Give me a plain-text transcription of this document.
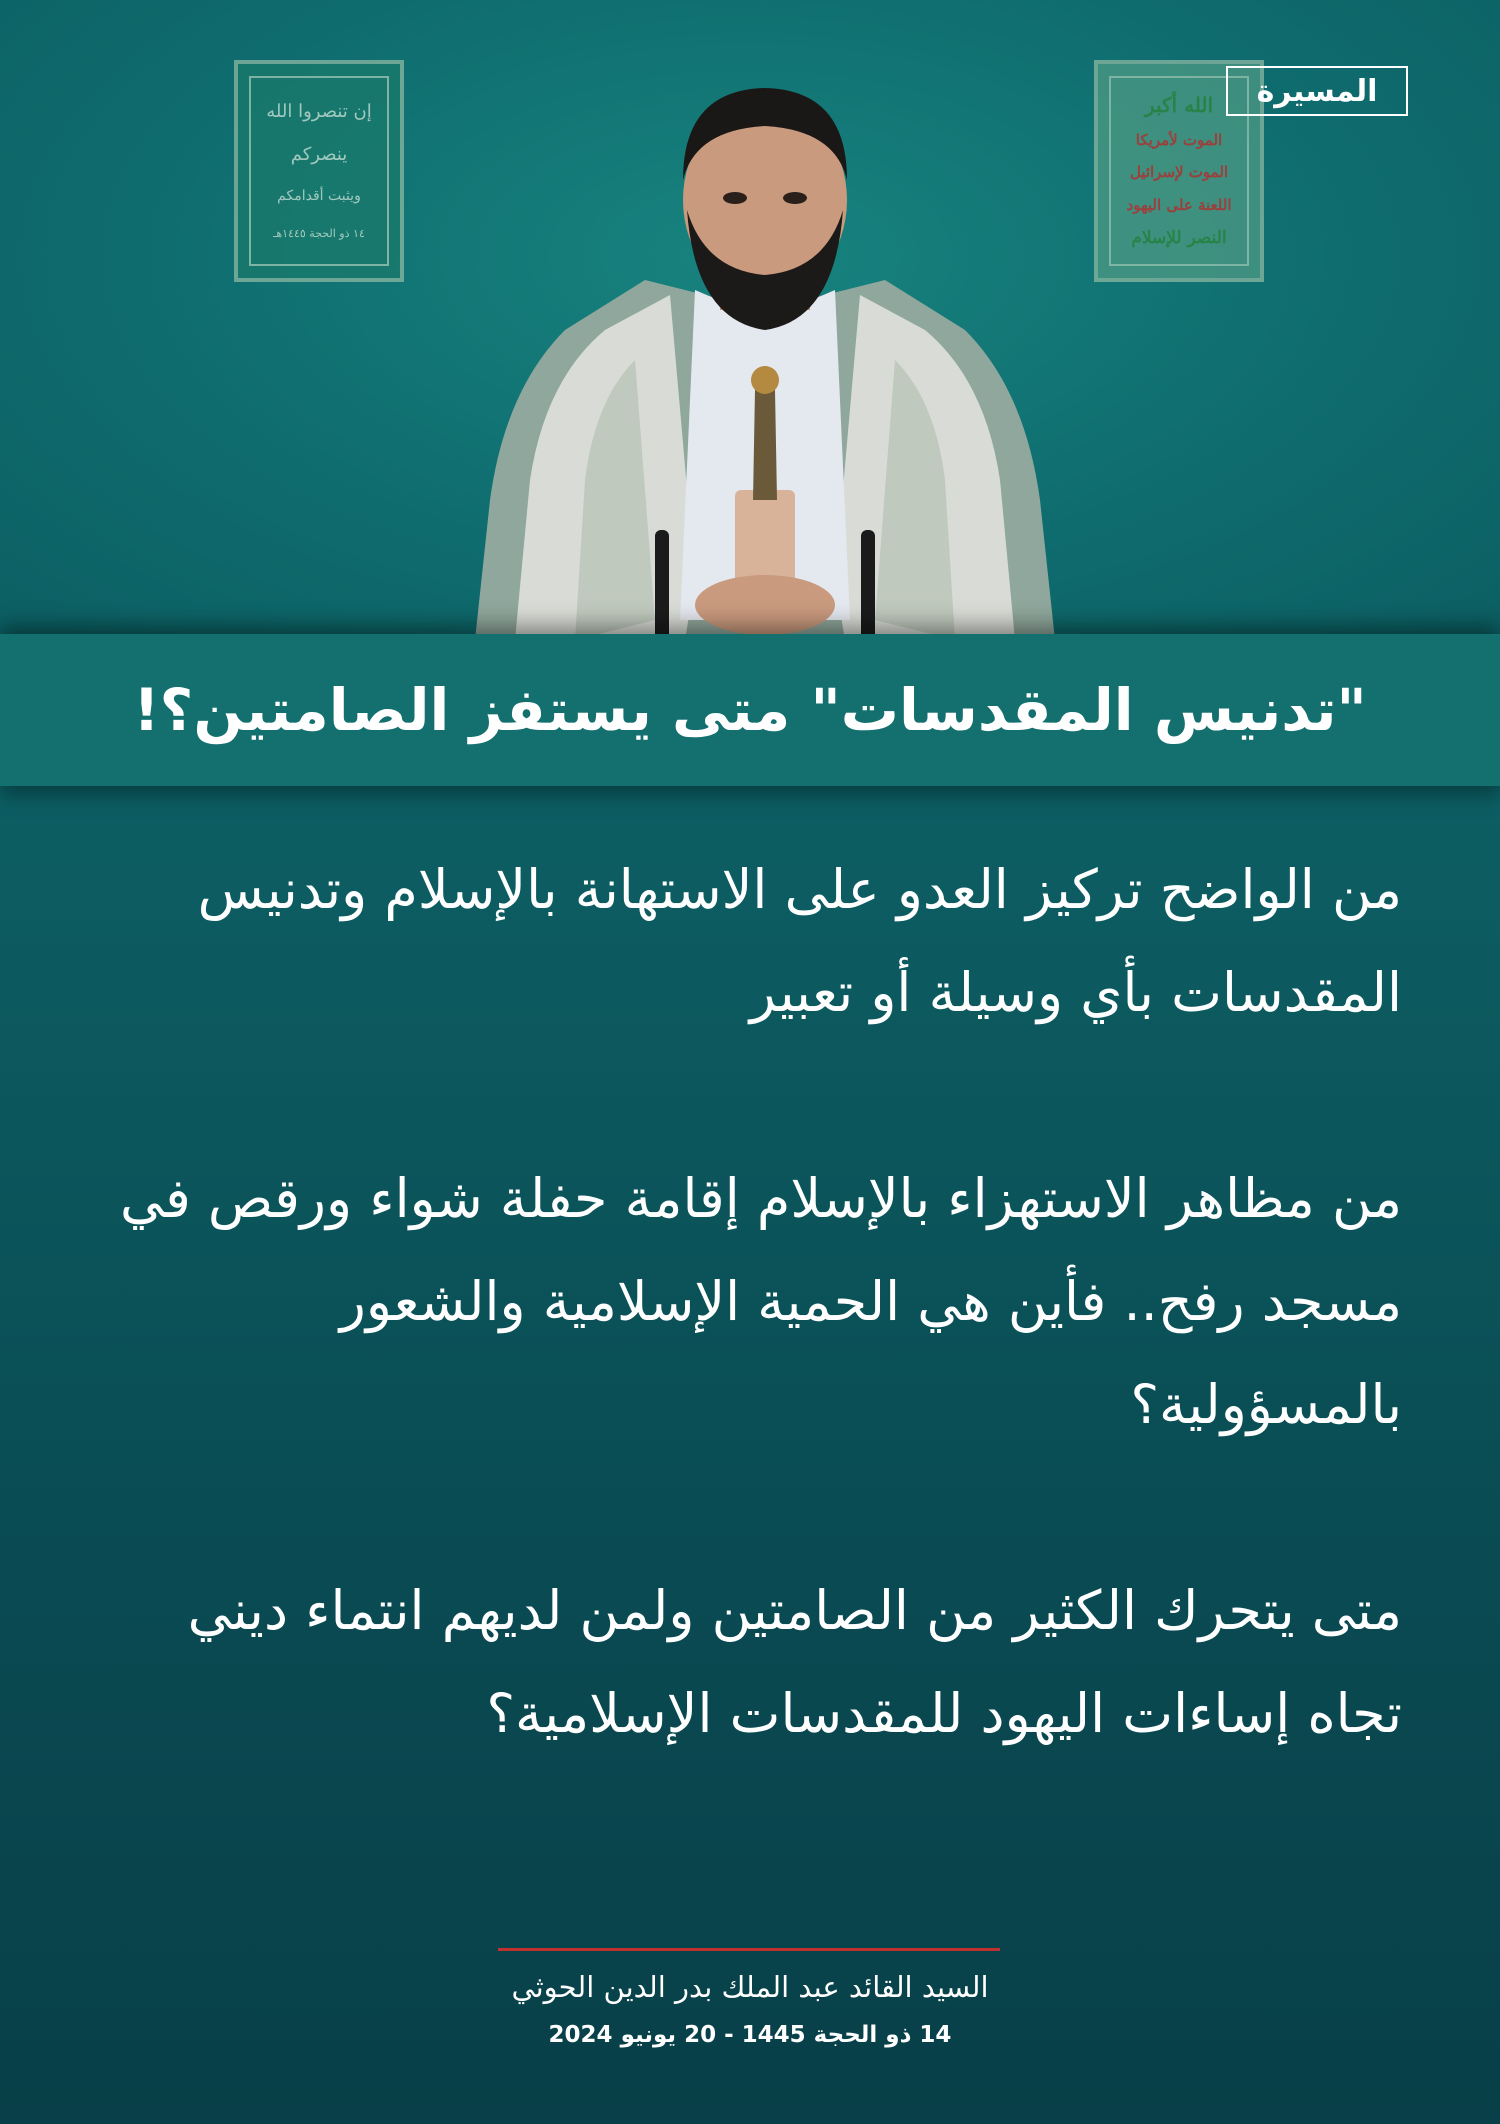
إن تنصروا الله
ينصركم
ويثبت أقدامكم
١٤ ذو الحجة ١٤٤٥هـ
الله أكبر
الموت لأمريكا
الموت لإسرائيل
اللعنة على اليهود
النصر للإسلام
المسيرة
"تدنيس المقدسات" متى يستفز الصامتين؟!

من الواضح تركيز العدو على الاستهانة بالإسلام وتدنيس المقدسات بأي وسيلة أو تعبير

من مظاهر الاستهزاء بالإسلام إقامة حفلة شواء ورقص في مسجد رفح.. فأين هي الحمية الإسلامية والشعور بالمسؤولية؟

متى يتحرك الكثير من الصامتين ولمن لديهم انتماء ديني تجاه إساءات اليهود للمقدسات الإسلامية؟

السيد القائد عبد الملك بدر الدين الحوثي
14 ذو الحجة 1445 - 20 يونيو 2024
